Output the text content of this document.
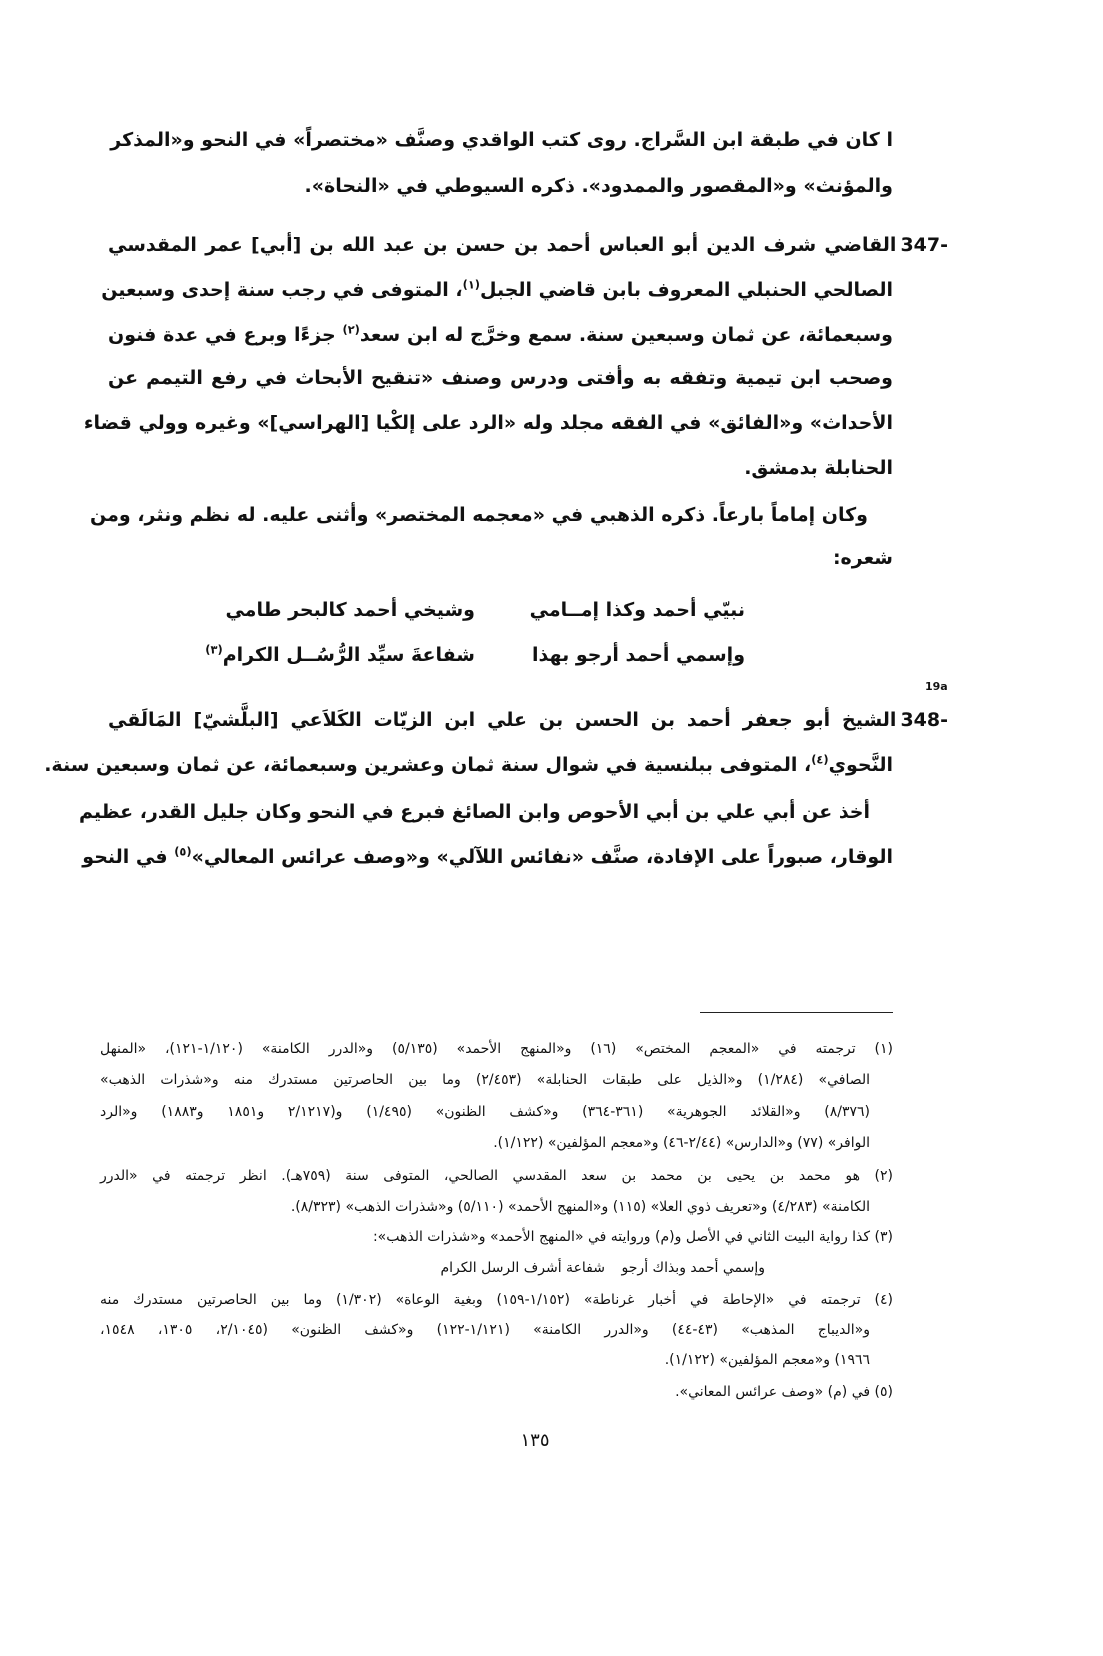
ا كان في طبقة ابن السَّراج. روى كتب الواقدي وصنَّف «مختصراً» في النحو و«المذكر
والمؤنث» و«المقصور والممدود». ذكره السيوطي في «النحاة».
347-القاضي شرف الدين أبو العباس أحمد بن حسن بن عبد الله بن [أبي] عمر المقدسي
الصالحي الحنبلي المعروف بابن قاضي الجبل$^{(١)}$، المتوفى في رجب سنة إحدى وسبعين
وسبعمائة، عن ثمان وسبعين سنة. سمع وخرَّج له ابن سعد$^{(٢)}$ جزءًا وبرع في عدة فنون
وصحب ابن تيمية وتفقه به وأفتى ودرس وصنف «تنقيح الأبحاث في رفع التيمم عن
الأحداث» و«الفائق» في الفقه مجلد وله «الرد على إلكْيا [الهراسي]» وغيره وولي قضاء
الحنابلة بدمشق.
وكان إماماً بارعاً. ذكره الذهبي في «معجمه المختصر» وأثنى عليه. له نظم ونثر، ومن
شعره:
نبيّي أحمد وكذا إمــامي
وشيخي أحمد كالبحر طامي
وإسمي أحمد أرجو بهذا
شفاعةَ سيِّد الرُّسُــل الكرام$^{(٣)}$
19a
348-الشيخ أبو جعفر أحمد بن الحسن بن علي ابن الزيّات الكَلاَعي [البلَّشيّ] المَالَقي
النَّحوي$^{(٤)}$، المتوفى ببلنسية في شوال سنة ثمان وعشرين وسبعمائة، عن ثمان وسبعين سنة.
أخذ عن أبي علي بن أبي الأحوص وابن الصائغ فبرع في النحو وكان جليل القدر، عظيم
الوقار، صبوراً على الإفادة، صنَّف «نفائس اللآلي» و«وصف عرائس المعالي»$^{(٥)}$ في النحو
(١) ترجمته في «المعجم المختص» (١٦) و«المنهج الأحمد» (٥/١٣٥) و«الدرر الكامنة» (١/١٢٠-١٢١)، «المنهل
الصافي» (١/٢٨٤) و«الذيل على طبقات الحنابلة» (٢/٤٥٣) وما بين الحاصرتين مستدرك منه و«شذرات الذهب»
(٨/٣٧٦) و«القلائد الجوهرية» (٣٦١-٣٦٤) و«كشف الظنون» (١/٤٩٥) و(٢/١٢١٧ و١٨٥١ و١٨٨٣) و«الرد
الوافر» (٧٧) و«الدارس» (٢/٤٤-٤٦) و«معجم المؤلفين» (١/١٢٢).
(٢) هو محمد بن يحيى بن محمد بن سعد المقدسي الصالحي، المتوفى سنة (٧٥٩هـ). انظر ترجمته في «الدرر
الكامنة» (٤/٢٨٣) و«تعريف ذوي العلا» (١١٥) و«المنهج الأحمد» (٥/١١٠) و«شذرات الذهب» (٨/٣٢٣).
(٣) كذا رواية البيت الثاني في الأصل و(م) وروايته في «المنهج الأحمد» و«شذرات الذهب»:
وإسمي أحمد وبذاك أرجو
شفاعة أشرف الرسل الكرام
(٤) ترجمته في «الإحاطة في أخبار غرناطة» (١/١٥٢-١٥٩) وبغية الوعاة» (١/٣٠٢) وما بين الحاصرتين مستدرك منه
و«الديباج المذهب» (٤٣-٤٤) و«الدرر الكامنة» (١/١٢١-١٢٢) و«كشف الظنون» (٢/١٠٤٥، ١٣٠٥، ١٥٤٨،
١٩٦٦) و«معجم المؤلفين» (١/١٢٢).
(٥) في (م) «وصف عرائس المعاني».
١٣٥
